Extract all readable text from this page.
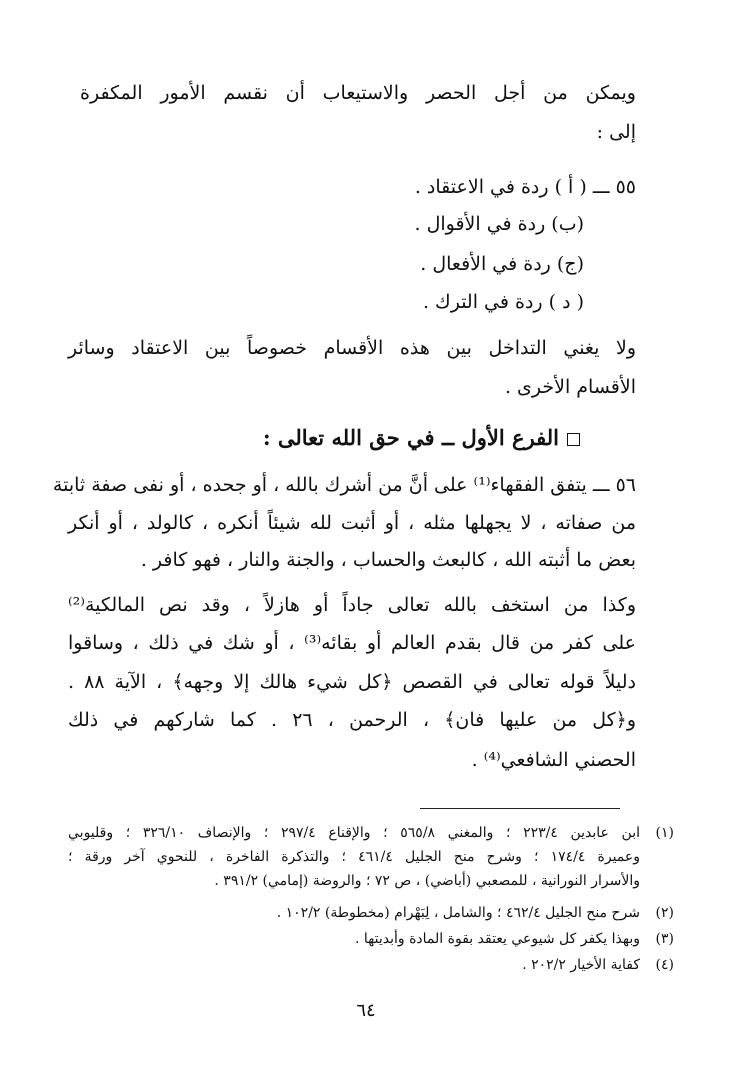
ويمكن من أجل الحصر والاستيعاب أن نقسم الأمور المكفرة
إلى :
٥٥ ـــ ( أ ) ردة في الاعتقاد .
(ب) ردة في الأقوال .
(ج) ردة في الأفعال .
( د ) ردة في الترك .
ولا يغني التداخل بين هذه الأقسام خصوصاً بين الاعتقاد وسائر
الأقسام الأخرى .
الفرع الأول ــ في حق الله تعالى :
٥٦ ـــ يتفق الفقهاء⁽¹⁾ على أنَّ من أشرك بالله ، أو جحده ، أو نفى صفة ثابتة
من صفاته ، لا يجهلها مثله ، أو أثبت لله شيئاً أنكره ، كالولد ، أو أنكر
بعض ما أثبته الله ، كالبعث والحساب ، والجنة والنار ، فهو كافر .
وكذا من استخف بالله تعالى جاداً أو هازلاً ، وقد نص المالكية⁽²⁾
على كفر من قال بقدم العالم أو بقائه⁽³⁾ ، أو شك في ذلك ، وساقوا
دليلاً قوله تعالى في القصص ﴿كل شيء هالك إلا وجهه﴾ ، الآية ٨٨ .
و﴿كل من عليها فان﴾ ، الرحمن ، ٢٦ . كما شاركهم في ذلك
الحصني الشافعي⁽⁴⁾ .
(١)
ابن عابدين ٢٢٣/٤ ؛ والمغني ٥٦٥/٨ ؛ والإقناع ٢٩٧/٤ ؛ والإنصاف ٣٢٦/١٠ ؛ وقليوبي
وعميرة ١٧٤/٤ ؛ وشرح منح الجليل ٤٦١/٤ ؛ والتذكرة الفاخرة ، للنحوي آخر ورقة ؛
والأسرار النورانية ، للمصعبي (أباضي) ، ص ٧٢ ؛ والروضة (إمامي) ٣٩١/٢ .
(٢)
شرح منح الجليل ٤٦٢/٤ ؛ والشامل ، لِبَهْرام (مخطوطة) ١٠٢/٢ .
(٣)
وبهذا يكفر كل شيوعي يعتقد بقوة المادة وأبديتها .
(٤)
كفاية الأخيار ٢٠٢/٢ .
٦٤
